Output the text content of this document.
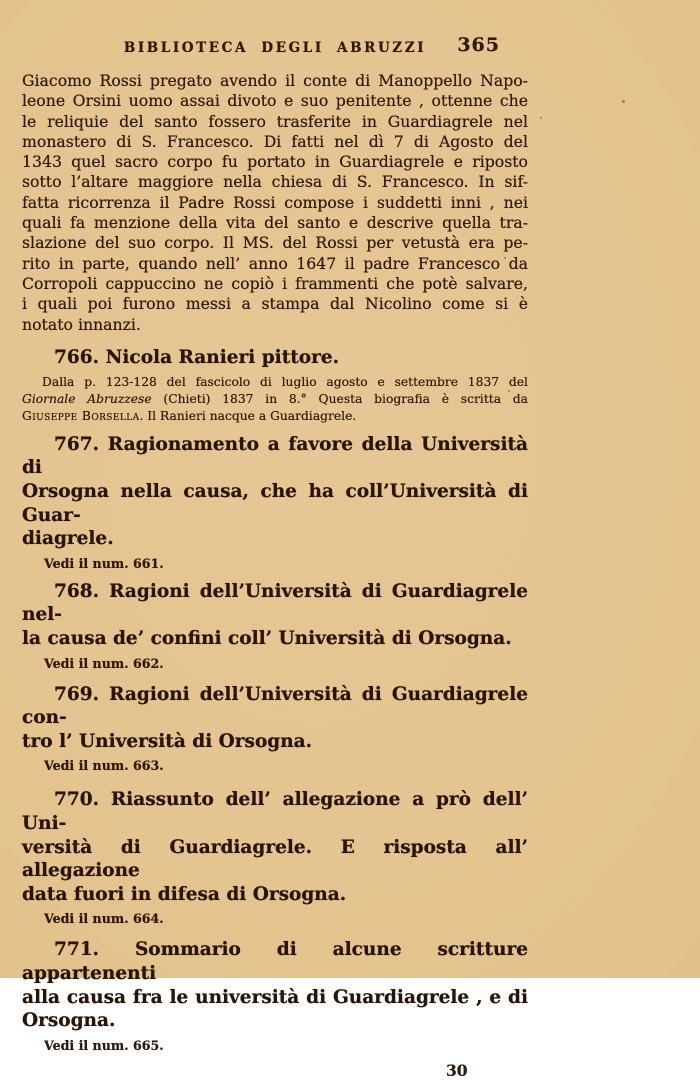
BIBLIOTECA DEGLI ABRUZZI	365
Giacomo Rossi pregato avendo il conte di Manoppello Napo-
leone Orsini uomo assai divoto e suo penitente , ottenne che
le reliquie del santo fossero trasferite in Guardiagrele nel
monastero di S. Francesco. Di fatti nel dì 7 di Agosto del
1343 quel sacro corpo fu portato in Guardiagrele e riposto
sotto l’altare maggiore nella chiesa di S. Francesco. In sif-
fatta ricorrenza il Padre Rossi compose i suddetti inni , nei
quali fa menzione della vita del santo e descrive quella tra-
slazione del suo corpo. Il MS. del Rossi per vetustà era pe-
rito in parte, quando nell’ anno 1647 il padre Francesco da
Corropoli cappuccino ne copiò i frammenti che potè salvare,
i quali poi furono messi a stampa dal Nicolino come si è
notato innanzi.
766. Nicola Ranieri pittore.
Dalla p. 123-128 del fascicolo di luglio agosto e settembre 1837 del
Giornale Abruzzese (Chieti) 1837 in 8.° Questa biografia è scritta da
Giuseppe Borsella. Il Ranieri nacque a Guardiagrele.
767. Ragionamento a favore della Università di
Orsogna nella causa, che ha coll’Università di Guar-
diagrele.
Vedi il num. 661.
768. Ragioni dell’Università di Guardiagrele nel-
la causa de’ confini coll’ Università di Orsogna.
Vedi il num. 662.
769. Ragioni dell’Università di Guardiagrele con-
tro l’ Università di Orsogna.
Vedi il num. 663.
770. Riassunto dell’ allegazione a prò dell’ Uni-
versità di Guardiagrele. E risposta all’ allegazione
data fuori in difesa di Orsogna.
Vedi il num. 664.
771. Sommario di alcune scritture appartenenti
alla causa fra le università di Guardiagrele , e di
Orsogna.
Vedi il num. 665.
30
